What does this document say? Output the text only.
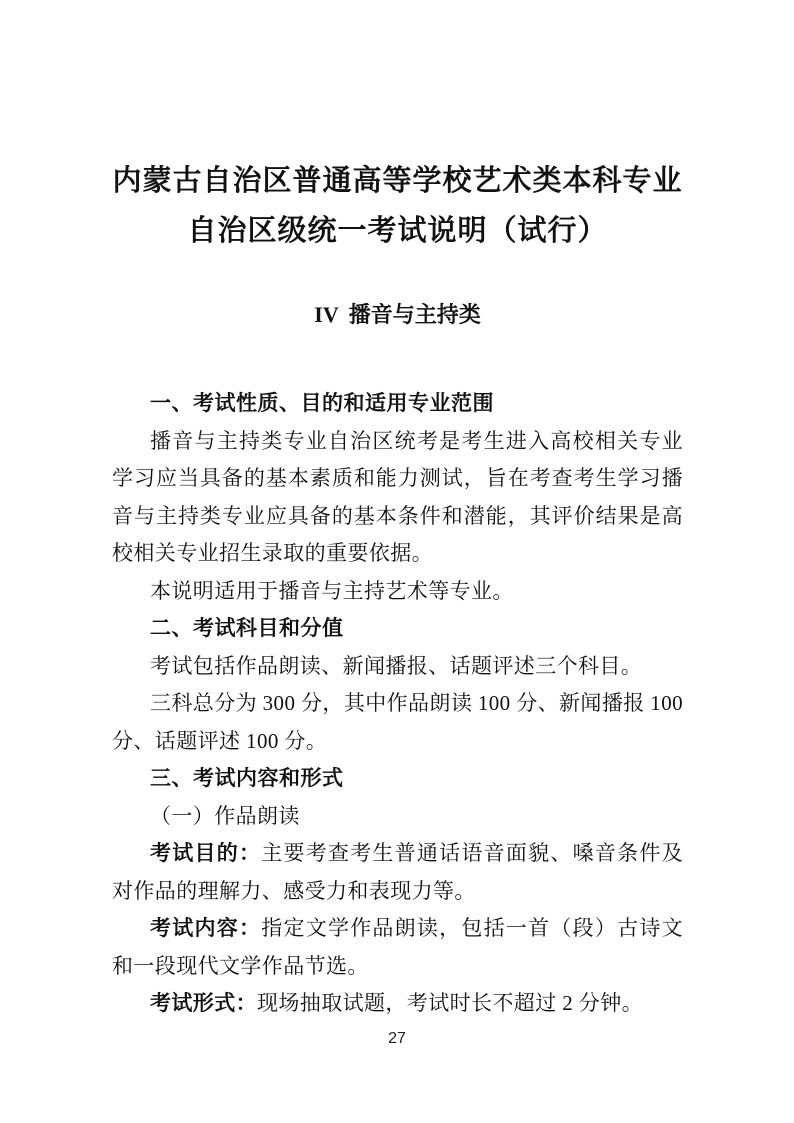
内蒙古自治区普通高等学校艺术类本科专业
自治区级统一考试说明（试行）
IV 播音与主持类
一、考试性质、目的和适用专业范围

播音与主持类专业自治区统考是考生进入高校相关专业学习应当具备的基本素质和能力测试，旨在考查考生学习播音与主持类专业应具备的基本条件和潜能，其评价结果是高校相关专业招生录取的重要依据。

本说明适用于播音与主持艺术等专业。

二、考试科目和分值

考试包括作品朗读、新闻播报、话题评述三个科目。

三科总分为 300 分，其中作品朗读 100 分、新闻播报 100 分、话题评述 100 分。

三、考试内容和形式

（一）作品朗读

考试目的：主要考查考生普通话语音面貌、嗓音条件及对作品的理解力、感受力和表现力等。

考试内容：指定文学作品朗读，包括一首（段）古诗文和一段现代文学作品节选。

考试形式：现场抽取试题，考试时长不超过 2 分钟。

27
